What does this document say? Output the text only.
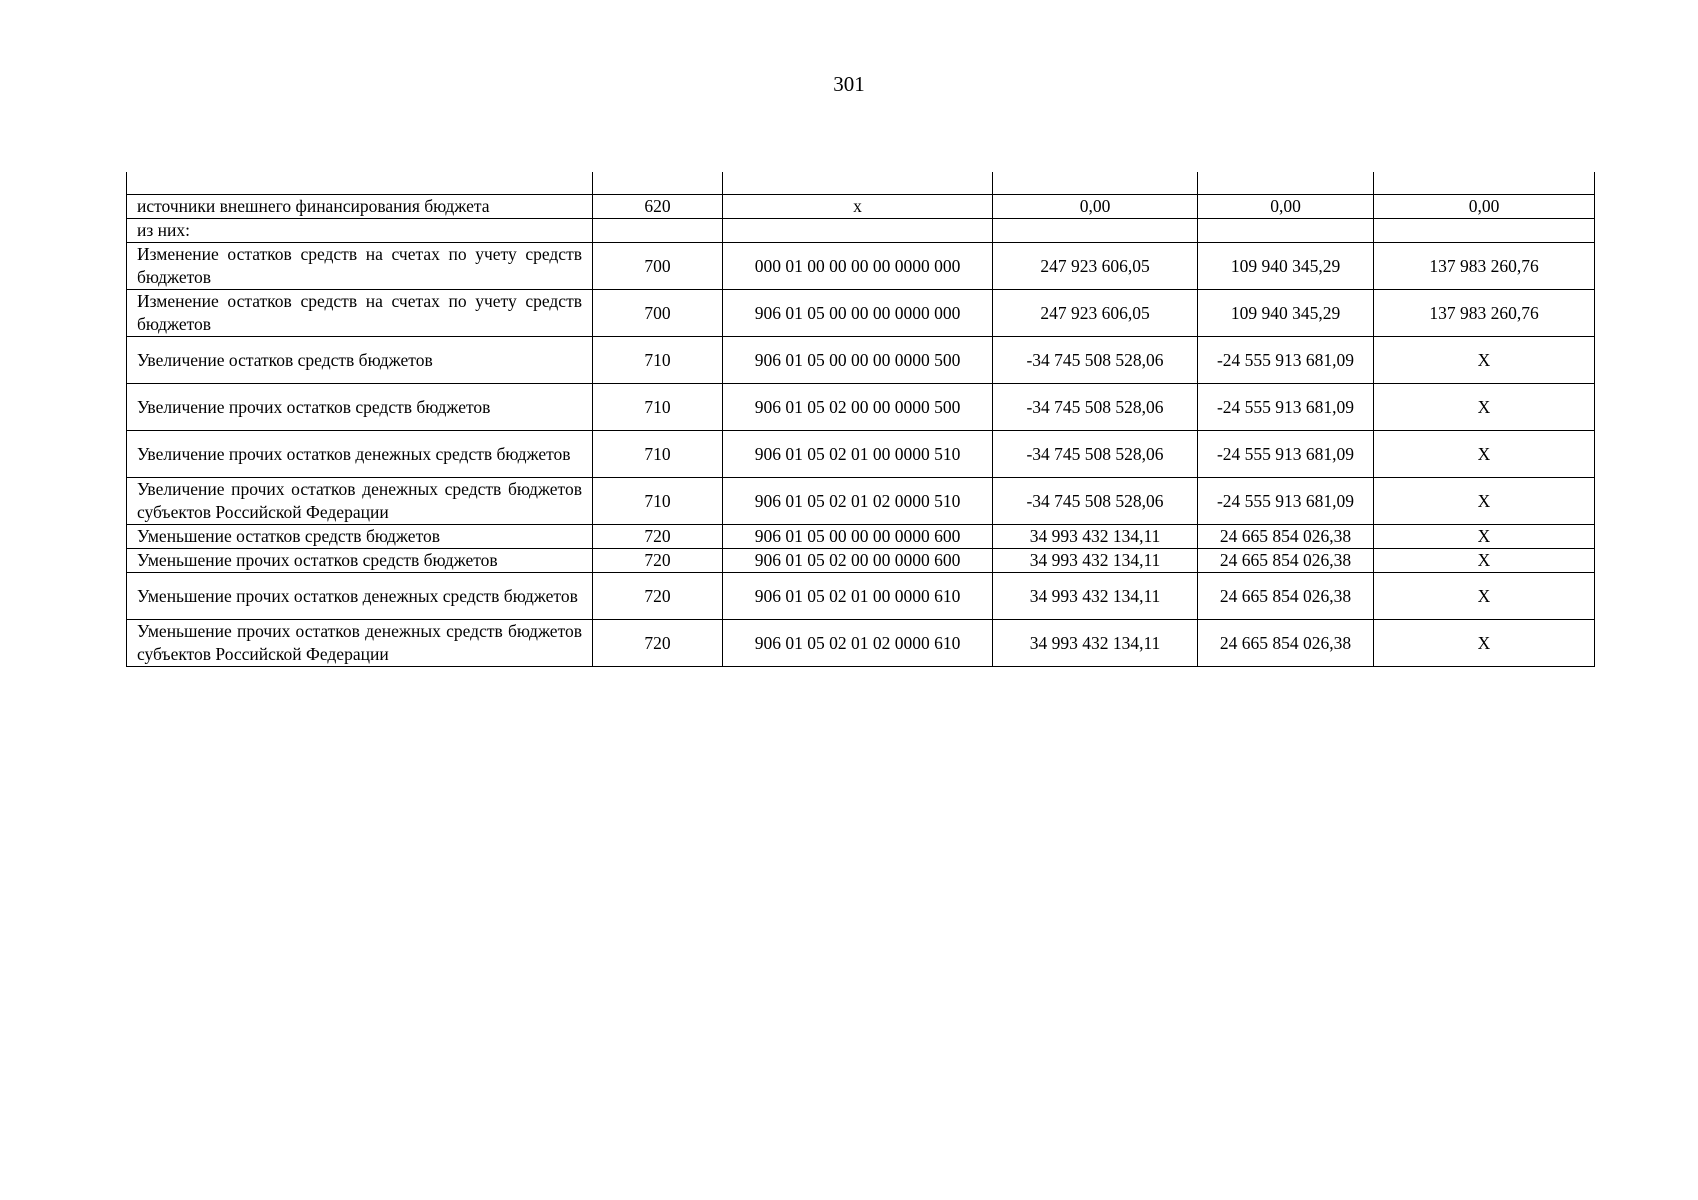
301

источники внешнего финансирования бюджета	620	x	0,00	0,00	0,00
из них:					
Изменение остатков средств на счетах по учету средств бюджетов	700	000 01 00 00 00 00 0000 000	247 923 606,05	109 940 345,29	137 983 260,76
Изменение остатков средств на счетах по учету средств бюджетов	700	906 01 05 00 00 00 0000 000	247 923 606,05	109 940 345,29	137 983 260,76
Увеличение остатков средств бюджетов	710	906 01 05 00 00 00 0000 500	-34 745 508 528,06	-24 555 913 681,09	X
Увеличение прочих остатков средств бюджетов	710	906 01 05 02 00 00 0000 500	-34 745 508 528,06	-24 555 913 681,09	X
Увеличение прочих остатков денежных средств бюджетов	710	906 01 05 02 01 00 0000 510	-34 745 508 528,06	-24 555 913 681,09	X
Увеличение прочих остатков денежных средств бюджетов субъектов Российской Федерации	710	906 01 05 02 01 02 0000 510	-34 745 508 528,06	-24 555 913 681,09	X
Уменьшение остатков средств бюджетов	720	906 01 05 00 00 00 0000 600	34 993 432 134,11	24 665 854 026,38	X
Уменьшение прочих остатков средств бюджетов	720	906 01 05 02 00 00 0000 600	34 993 432 134,11	24 665 854 026,38	X
Уменьшение прочих остатков денежных средств бюджетов	720	906 01 05 02 01 00 0000 610	34 993 432 134,11	24 665 854 026,38	X
Уменьшение прочих остатков денежных средств бюджетов субъектов Российской Федерации	720	906 01 05 02 01 02 0000 610	34 993 432 134,11	24 665 854 026,38	X
